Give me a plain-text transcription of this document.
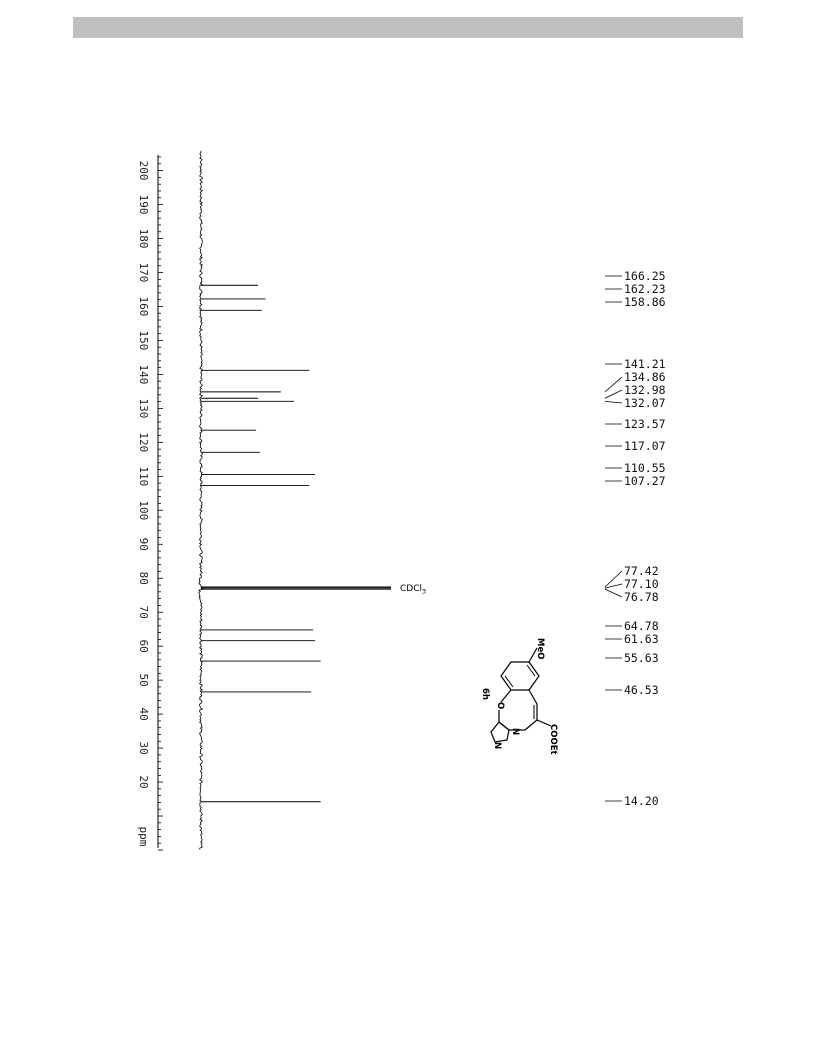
200
190
180
170
160
150
140
130
120
110
100
90
80
70
60
50
40
30
20
ppm
166.25
162.23
158.86
141.21
134.86
132.98
132.07
123.57
117.07
110.55
107.27
77.42
77.10
76.78
64.78
61.63
55.63
46.53
14.20
CDCl$_3$
MeO
O
COOEt
N
N
6h
